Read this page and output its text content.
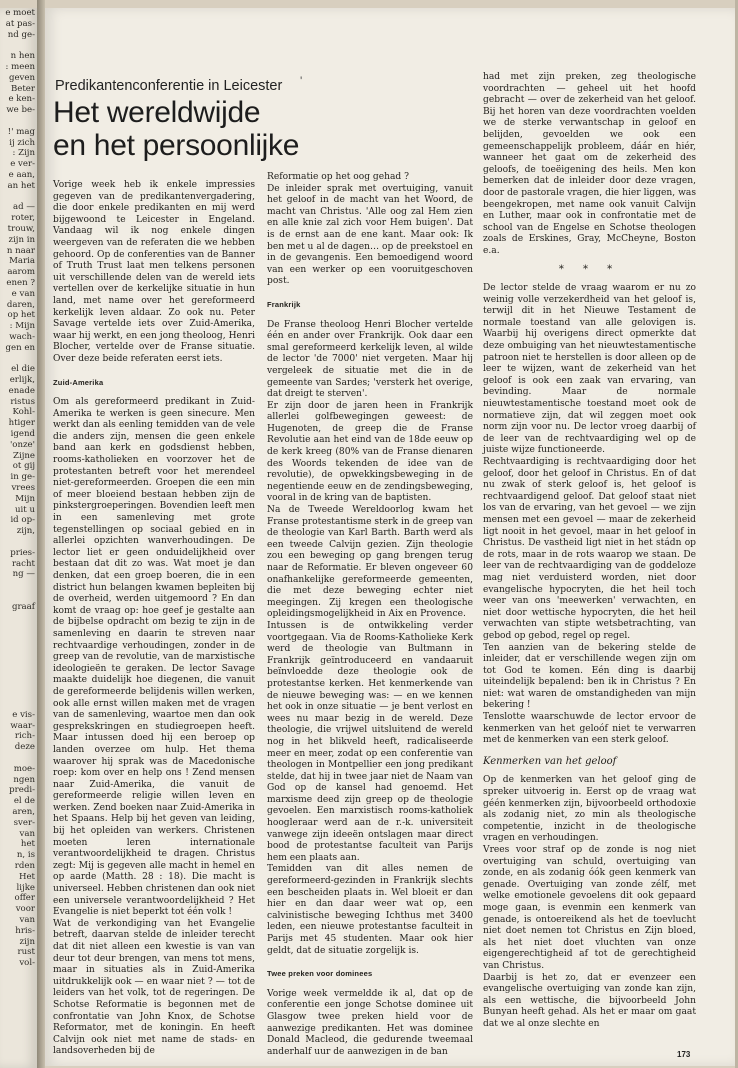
e moet
at pas-
nd ge-

n hen
: meen
geven
Beter
e ken-
we be-

!' mag
ij zich
: Zijn
e ver-
e aan,
an het

ad —
roter,
trouw,
zijn in
n naar
Maria
aarom
enen ?
e van
daren,
op het
: Mijn
wach-
gen en

el die
erlijk,
enade
ristus
Kohl-
htiger
igend
'onze'
Zijne
ot gij
in ge-
vrees
Mijn
uit u
id op-
zijn,

pries-
racht
ng —

graaf

e vis-
waar-
rich-
deze

moe-
ngen
predi-
el de
aren,
sver-
van
het
n, is
rden
Het
lijke
offer
voor
van
hris-
zijn
rust
vol-
Predikantenconferentie in Leicester '
Het wereldwijde
en het persoonlijke

Vorige week heb ik enkele impressies gegeven van de predikantenvergadering, die door enkele predikanten en mij werd bijgewoond te Leicester in Engeland. Vandaag wil ik nog enkele dingen weergeven van de referaten die we hebben gehoord. Op de conferenties van de Banner of Truth Trust laat men telkens personen uit verschillende delen van de wereld iets vertellen over de kerkelijke situatie in hun land, met name over het gereformeerd kerkelijk leven aldaar. Zo ook nu. Peter Savage vertelde iets over Zuid-Amerika, waar hij werkt, en een jong theoloog, Henri Blocher, vertelde over de Franse situatie. Over deze beide referaten eerst iets.

Zuid-Amerika

Om als gereformeerd predikant in Zuid-Amerika te werken is geen sinecure. Men werkt dan als eenling temidden van de vele die anders zijn, mensen die geen enkele band aan kerk en godsdienst hebben, rooms-katholieken en voorzover het de protestanten betreft voor het merendeel niet-gereformeerden. Groepen die een min of meer bloeiend bestaan hebben zijn de pinkstergroeperingen. Bovendien leeft men in een samenleving met grote tegenstellingen op sociaal gebied en in allerlei opzichten wanverhoudingen. De lector liet er geen onduidelijkheid over bestaan dat dit zo was. Wat moet je dan denken, dat een groep boeren, die in een district hun belangen kwamen bepleiten bij de overheid, werden uitgemoord ? En dan komt de vraag op: hoe geef je gestalte aan de bijbelse opdracht om bezig te zijn in de samenleving en daarin te streven naar rechtvaardige verhoudingen, zonder in de greep van de revolutie, van de marxistische ideologieën te geraken. De lector Savage maakte duidelijk hoe diegenen, die vanuit de gereformeerde belijdenis willen werken, ook alle ernst willen maken met de vragen van de samenleving, waartoe men dan ook gesprekskringen en studiegroepen heeft. Maar intussen doed hij een beroep op landen overzee om hulp. Het thema waarover hij sprak was de Macedonische roep: kom over en help ons ! Zend mensen naar Zuid-Amerika, die vanuit de gereformeerde religie willen leven en werken. Zend boeken naar Zuid-Amerika in het Spaans. Help bij het geven van leiding, bij het opleiden van werkers. Christenen moeten leren internationale verantwoordelijkheid te dragen. Christus zegt: Mij is gegeven alle macht in hemel en op aarde (Matth. 28 : 18). Die macht is universeel. Hebben christenen dan ook niet een universele verantwoordelijkheid ? Het Evangelie is niet beperkt tot één volk !

Wat de verkondiging van het Evangelie betreft, daarvan stelde de inleider terecht dat dit niet alleen een kwestie is van van deur tot deur brengen, van mens tot mens, maar in situaties als in Zuid-Amerika uitdrukkelijk ook — en waar niet ? — tot de leiders van het volk, tot de regeringen. De Schotse Reformatie is begonnen met de confrontatie van John Knox, de Schotse Reformator, met de koningin. En heeft Calvijn ook niet met name de stads- en landsoverheden bij de

Reformatie op het oog gehad ?

De inleider sprak met overtuiging, vanuit het geloof in de macht van het Woord, de macht van Christus. 'Alle oog zal Hem zien en alle knie zal zich voor Hem buigen'. Dat is de ernst aan de ene kant. Maar ook: Ik ben met u al de dagen… op de preekstoel en in de gevangenis. Een bemoedigend woord van een werker op een vooruitgeschoven post.

Frankrijk

De Franse theoloog Henri Blocher vertelde één en ander over Frankrijk. Ook daar een smal gereformeerd kerkelijk leven, al wilde de lector 'de 7000' niet vergeten. Maar hij vergeleek de situatie met die in de gemeente van Sardes; 'versterk het overige, dat dreigt te sterven'.

Er zijn door de jaren heen in Frankrijk allerlei golfbewegingen geweest: de Hugenoten, de greep die de Franse Revolutie aan het eind van de 18de eeuw op de kerk kreeg (80% van de Franse dienaren des Woords tekenden de idee van de revolutie), de opwekkingsbeweging in de negentiende eeuw en de zendingsbeweging, vooral in de kring van de baptisten.

Na de Tweede Wereldoorlog kwam het Franse protestantisme sterk in de greep van de theologie van Karl Barth. Barth werd als een tweede Calvijn gezien. Zijn theologie zou een beweging op gang brengen terug naar de Reformatie. Er bleven ongeveer 60 onafhankelijke gereformeerde gemeenten, die met deze beweging echter niet meegingen. Zij kregen een theologische opleidingsmogelijkheid in Aix en Provence.

Intussen is de ontwikkeling verder voortgegaan. Via de Rooms-Katholieke Kerk werd de theologie van Bultmann in Frankrijk geïntroduceerd en vandaaruit beïnvloedde deze theologie ook de protestantse kerken. Het kenmerkende van de nieuwe beweging was: — en we kennen het ook in onze situatie — je bent verlost en wees nu maar bezig in de wereld. Deze theologie, die vrijwel uitsluitend de wereld nog in het blikveld heeft, radicaliseerde meer en meer, zodat op een conferentie van theologen in Montpellier een jong predikant stelde, dat hij in twee jaar niet de Naam van God op de kansel had genoemd. Het marxisme deed zijn greep op de theologie gevoelen. Een marxistisch rooms-katholiek hoogleraar werd aan de r.-k. universiteit vanwege zijn ideeën ontslagen maar direct bood de protestantse faculteit van Parijs hem een plaats aan.

Temidden van dit alles nemen de gereformeerd-gezinden in Frankrijk slechts een bescheiden plaats in. Wel bloeit er dan hier en dan daar weer wat op, een calvinistische beweging Ichthus met 3400 leden, een nieuwe protestantse faculteit in Parijs met 45 studenten. Maar ook hier geldt, dat de situatie zorgelijk is.

Twee preken voor dominees

Vorige week vermeldde ik al, dat op de conferentie een jonge Schotse dominee uit Glasgow twee preken hield voor de aanwezige predikanten. Het was dominee Donald Macleod, die gedurende tweemaal anderhalf uur de aanwezigen in de ban

had met zijn preken, zeg theologische voordrachten — geheel uit het hoofd gebracht — over de zekerheid van het geloof. Bij het horen van deze voordrachten voelden we de sterke verwantschap in geloof en belijden, gevoelden we ook een gemeenschappelijk probleem, dáár en hiér, wanneer het gaat om de zekerheid des geloofs, de toeëigening des heils. Men kon bemerken dat de inleider door deze vragen, door de pastorale vragen, die hier liggen, was beengekropen, met name ook vanuit Calvijn en Luther, maar ook in confrontatie met de school van de Engelse en Schotse theologen zoals de Erskines, Gray, McCheyne, Boston e.a.

* * *

De lector stelde de vraag waarom er nu zo weinig volle verzekerdheid van het geloof is, terwijl dit in het Nieuwe Testament de normale toestand van alle gelovigen is. Waarbij hij overigens direct opmerkte dat deze ombuiging van het nieuwtestamentische patroon niet te herstellen is door alleen op de leer te wijzen, want de zekerheid van het geloof is ook een zaak van ervaring, van bevinding. Maar de normale nieuwtestamentische toestand moet ook de normatieve zijn, dat wil zeggen moet ook norm zijn voor nu. De lector vroeg daarbij of de leer van de rechtvaardiging wel op de juiste wijze functioneerde.

Rechtvaardiging is rechtvaardiging door het geloof, door het geloof in Christus. En of dat nu zwak of sterk geloof is, het geloof is rechtvaardigend geloof. Dat geloof staat niet los van de ervaring, van het gevoel — we zijn mensen met een gevoel — maar de zekerheid ligt nooit in het gevoel, maar in het geloof in Christus. De vastheid ligt niet in het stádn op de rots, maar in de rots waarop we staan. De leer van de rechtvaardiging van de goddeloze mag niet verduisterd worden, niet door evangelische hypocryten, die het heil toch weer van ons 'meewerken' verwachten, en niet door wettische hypocryten, die het heil verwachten van stipte wetsbetrachting, van gebod op gebod, regel op regel.

Ten aanzien van de bekering stelde de inleider, dat er verschillende wegen zijn om tot God te komen. Eén ding is daarbij uiteindelijk bepalend: ben ik in Christus ? En niet: wat waren de omstandigheden van mijn bekering !

Tenslotte waarschuwde de lector ervoor de kenmerken van het geloóf niet te verwarren met de kenmerken van een sterk geloof.

Kenmerken van het geloof

Op de kenmerken van het geloof ging de spreker uitvoerig in. Eerst op de vraag wat géén kenmerken zijn, bijvoorbeeld orthodoxie als zodanig niet, zo min als theologische competentie, inzicht in de theologische vragen en verhoudingen.

Vrees voor straf op de zonde is nog niet overtuiging van schuld, overtuiging van zonde, en als zodanig óók geen kenmerk van genade. Overtuiging van zonde zélf, met welke emotionele gevoelens dit ook gepaard moge gaan, is evenmin een kenmerk van genade, is ontoereikend als het de toevlucht niet doet nemen tot Christus en Zijn bloed, als het niet doet vluchten van onze eigengerechtigheid af tot de gerechtigheid van Christus.

Daarbij is het zo, dat er evenzeer een evangelische overtuiging van zonde kan zijn, als een wettische, die bijvoorbeeld John Bunyan heeft gehad. Als het er maar om gaat dat we al onze slechte en

173
